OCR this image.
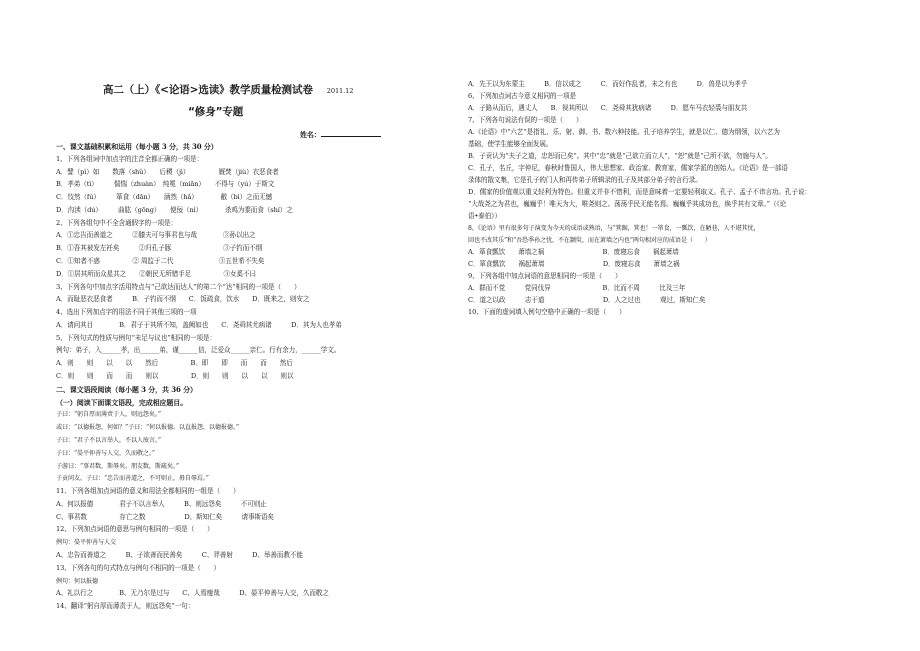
高二（上）《<论语>选读》教学质量检测试卷 2011.12
“修身”专题
姓名：
一、课文基础积累和运用（每小题 3 分，共 30 分）
1、下列各组词中加点字的注音全都正确的一项是：
A．譬（pì）如　　数落（shǔ）　　后稷（jì）　　　　　厩焚（jiù）衣恶食者
B．孝弟（tì）　　　惴惴（zhuàn）　纯冕（miǎn）　　不得与（yú）于斯文
C．忮然（fú）　　　箪食（dān）　　涵然（hǎ）　　　　敝（bì）之而无憾
D．沟渎（dú）　　　曲肱（gōng）　　便佞（nì）　　　　杀鸡为黍而食（shí）之
2、下列各组句中不全含通假字的一项是：
A．①忠告而善道之　　　②膝夫可与事君也与哉　　　　③孙以出之
B．①吾其被发左衽矣　　　②归孔子豚　　　　　　　　③子钓而不纲
C．①知者不惑　　　　　② 周监于二代　　　　　　　③五世希不失矣
D．①居其所而众星共之　　②朝民无所错手足　　　　　③女奚不曰
3、下列各句中加点字活用特点与“己欲达而达人”的第二个“达”相同的一项是（　　）
A．而耻恶衣恶食者　　　B．子钓而不纲　　C．饭疏食，饮水　　D．既来之，则安之
4、选出下列加点字的用法不同于其他三项的一项
A．请问其目　　　　B．君子于其所不知，盖阙如也　　C．尧舜其尤病诸　　　D．其为人也孝弟
5、下列句式的性质与例句“未足与议也”相同的一项是：
例句：弟子，入______孝，出______弟，谨______信，泛爱众______亲仁。行有余力，______学文。
A．则　　则　　以　　以　　然后　　　　　B．即　　即　　而　　而　　然后
C．则　　则　　而　　而　　则以　　　　　D．则　　则　　以　　以　　则以
二、课文语段阅读（每小题 3 分，共 36 分）
（一）阅读下面课文语段，完成相应题目。
子曰：“躬自厚而薄责于人，则远怨矣。”
或曰：“以德报怨，何如？”子曰：“何以报德。以直报怨，以德报德。”
子曰：“君子不以言举人，不以人废言。”
子曰：“晏平仲善与人交，久而敬之。”
子游曰：“事君数，斯辱矣。朋友数，斯疏矣。”
子贡问友。子曰：“忠告而善道之，不可则止，毋自辱焉。”
11、下列各组加点词语的意义和用法全都相同的一组是（　　）
A、何以报德　　　　君子不以言举人　　　B、则远怨矣　　　不可则止
C、事君数　　　　　存亡之数　　　　　　D、斯知仁矣　　　请事斯语矣
12、下列加点词语的意思与例句相同的一项是（　　）
例句：晏平仲善与人交
A、忠告而善道之　　　B、子欲善而民善矣　　　C、羿善射　　　D、举善而教不能
13、下列各句的句式特点与例句不相同的一项是（　　）
例句：何以报德
A、礼以行之　　　　B、无乃尔是过与　　C、人焉廋哉　　　D、晏平仲善与人交，久而敬之
14、翻译“躬自厚而薄责于人，则远怨矣”一句：
A．先王以为东蒙主　　　B．信以成之　　　C．而好作乱者，未之有也　　　D．兽是以为孝乎
6、下列加点词古今意义相同的一项是
A．子路从而后，遇丈人　　B．视其所以　　C．尧舜其犹病诸　　　D．愿车马衣轻裘与朋友共
7、下列各句说法有误的一项是（　　）
A.《论语》中“六艺”是指礼、乐、射、御、书、数六种技能。孔子培养学生，就是以仁、德为纲领，以六艺为
基础，使学生能够全面发展。
B．子贡认为“夫子之道，忠恕而已矣”。其中“忠”就是“己欲立而立人”，“恕”就是“己所不欲，勿施与人”。
C．孔子，名丘，字仲尼，春秋时鲁国人，伟大思想家、政治家、教育家，儒家学派的创始人。《论语》是一部语
录体的散文集，它是孔子的门人和再传弟子所辑录的孔子及其部分弟子的言行录。
D．儒家的价值观以重义轻利为特色。但重义并非不惜利，而是意味着一定要轻利取义。孔子、孟子不讳言功。孔子说：
“大哉尧之为君也，巍巍乎！唯天为大，唯尧则之。荡荡乎民无能名焉。巍巍乎其成功也，焕乎其有文章。”（《论
语•泰伯》）
8、《论语》里有很多句子演变为今天的成语或熟语，与“箕踞，箕也！一箪食，一瓢饮，在陋巷，人不堪其忧，
回也不改其乐”和“吾恐季孙之忧，不在颛臾，而在萧墙之内也”两句相对应的成语是（　　）
A．箪食瓢饮　　萧墙之祸　　　　　　　　　B．废寝忘食　　祸起萧墙
C．箪食瓢饮　　祸起萧墙　　　　　　　　　D．废寝忘食　　萧墙之祸
9、下列各组中加点词语的意思相同的一项是（　　）
A．群而不党　　　党同伐异　　　　　　　　B．比而不周　　　比及三年
C．道之以政　　　志于道　　　　　　　　　D．人之过也　　　观过，斯知仁矣
10、下面的虚词填入例句空格中正确的一项是（　　）
